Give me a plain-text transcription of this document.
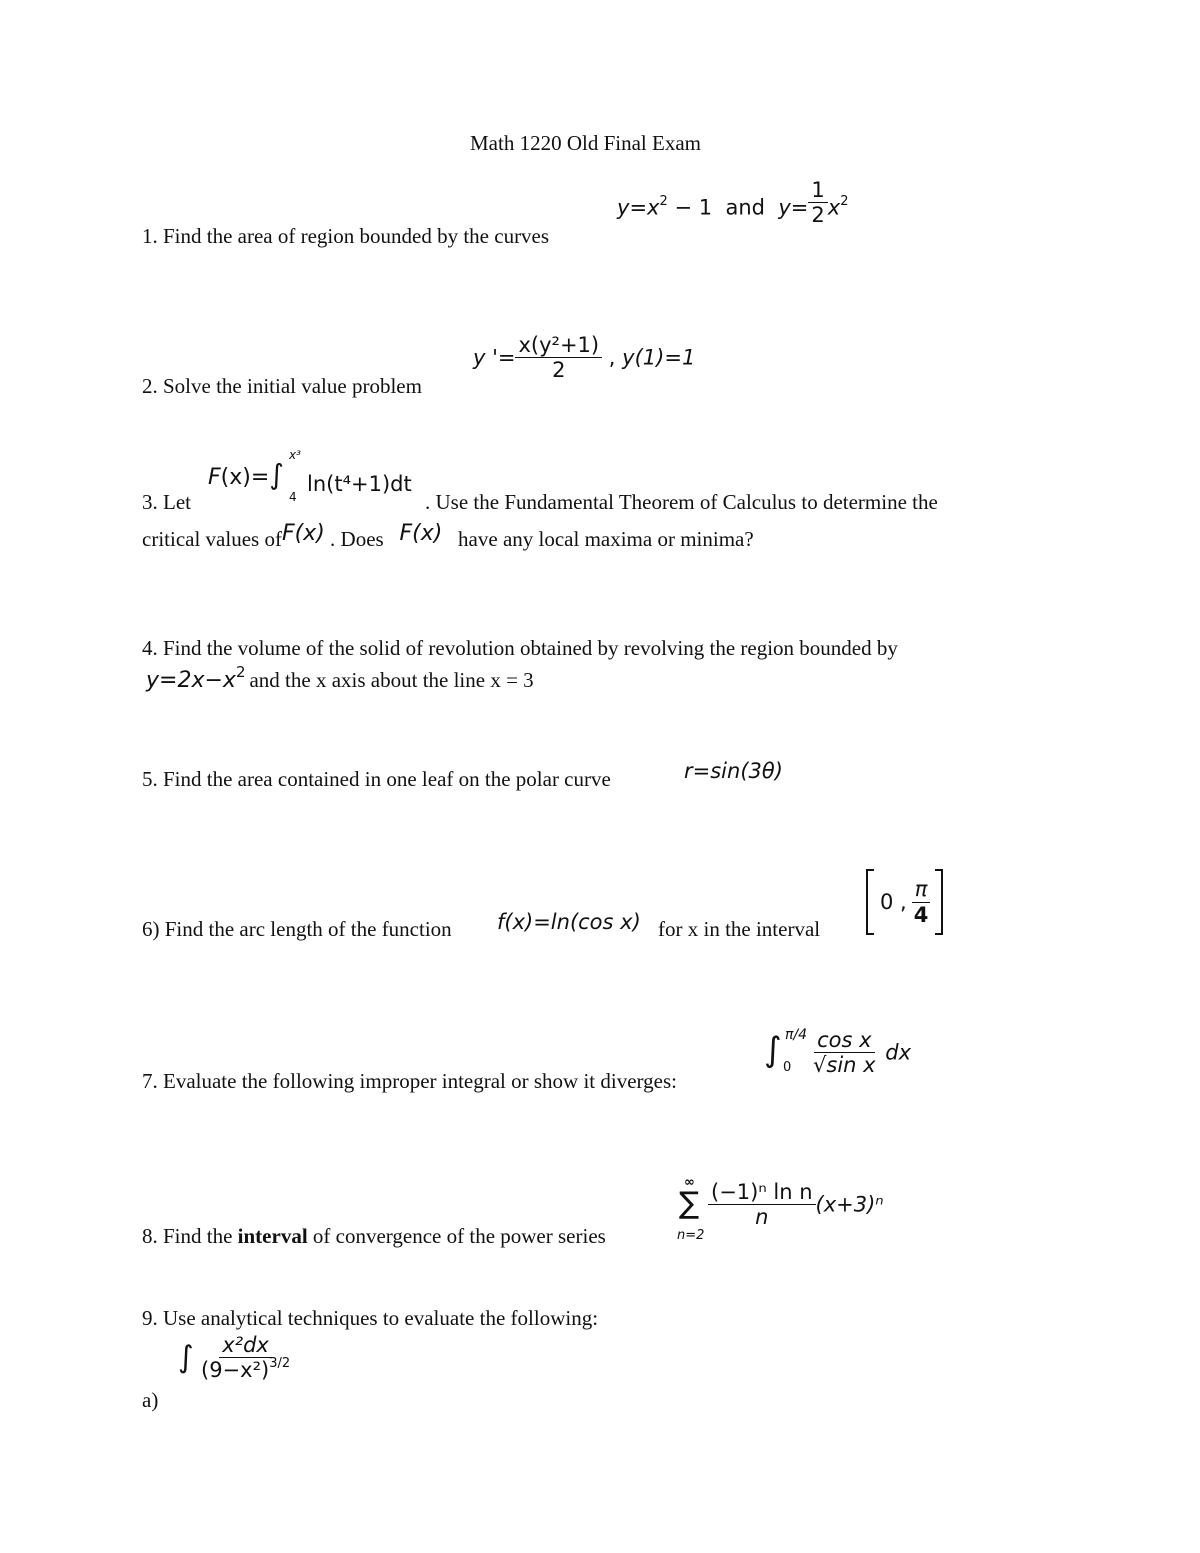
Math 1220 Old Final Exam
1. Find the area of region bounded by the curves
$y=x^2 - 1$ and $y= \frac{1}{2} x^2$
2. Solve the initial value problem
y '= $\frac{\text{x(y²+1)}}{2}$ , y(1)=1
3. Let
F(x)=∫
x³
4
ln(t⁴+1)dt
. Use the Fundamental Theorem of Calculus to determine the
critical values ofF(x) . Does F(x) have any local maxima or minima?
4. Find the volume of the solid of revolution obtained by revolving the region bounded by
y=2x−x2 and the x axis about the line x = 3
5. Find the area contained in one leaf on the polar curve	r=sin(3θ)
6) Find the arc length of the function f(x)=ln(cos x) for x in the interval
0 , $\frac{\pi}{4}$
7. Evaluate the following improper integral or show it diverges:
∫ π/4
$0 \frac{\text{cos x}}{\text{√sin x}}$ dx
8. Find the interval of convergence of the power series
∞
∑
n=2
$\frac{\text{(−1)ⁿ ln n}}{n} (x+3)^n$
9. Use analytical techniques to evaluate the following:
a)
∫ $\frac{\text{x²dx}}{(9-x^2)^{3/2}}$
